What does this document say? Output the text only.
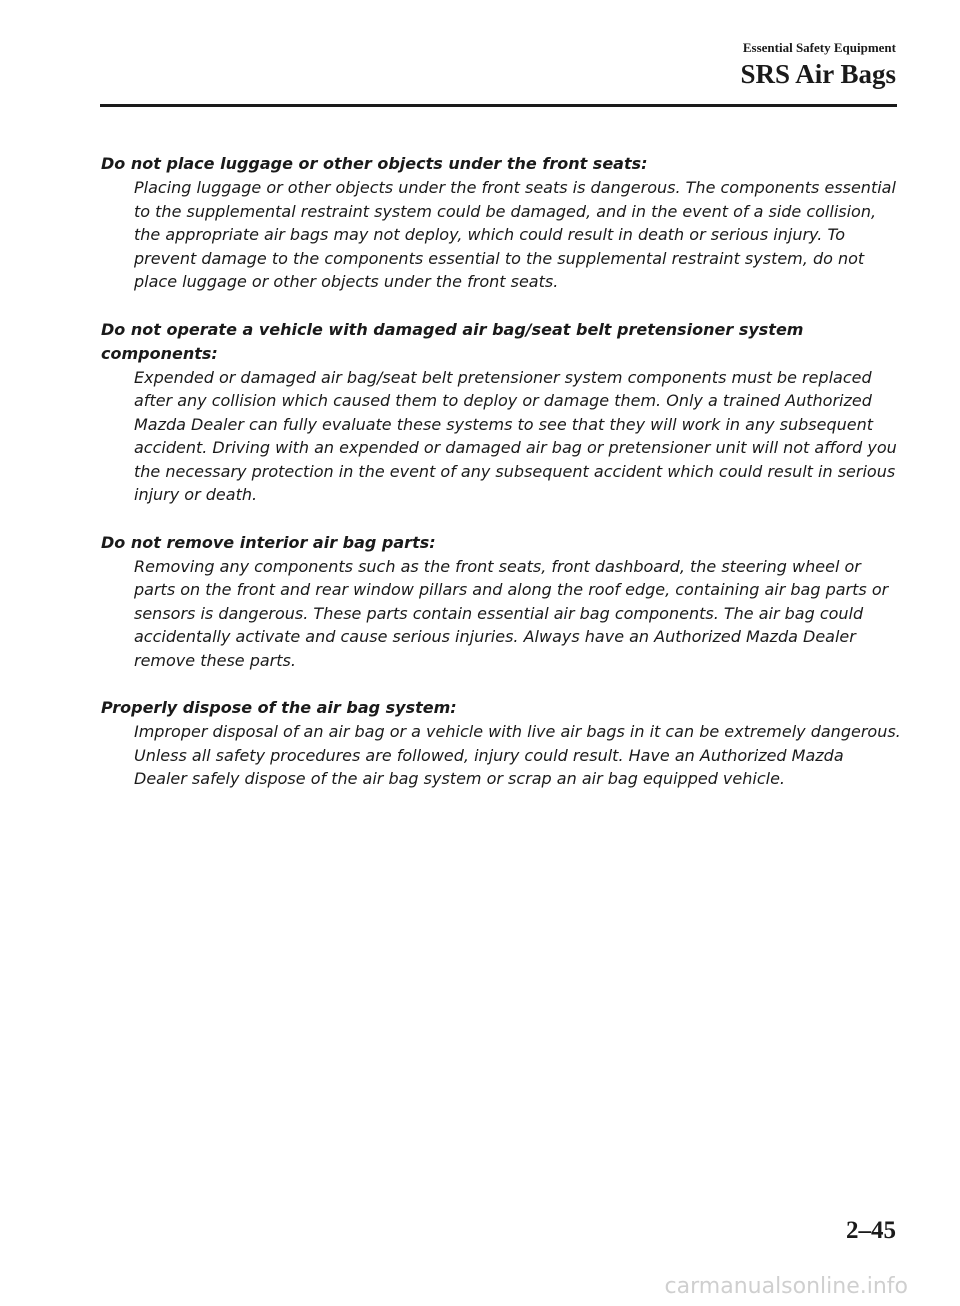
Essential Safety Equipment
SRS Air Bags

Do not place luggage or other objects under the front seats:

Placing luggage or other objects under the front seats is dangerous. The components essential to the supplemental restraint system could be damaged, and in the event of a side collision, the appropriate air bags may not deploy, which could result in death or serious injury. To prevent damage to the components essential to the supplemental restraint system, do not place luggage or other objects under the front seats.

Do not operate a vehicle with damaged air bag/seat belt pretensioner system components:

Expended or damaged air bag/seat belt pretensioner system components must be replaced after any collision which caused them to deploy or damage them. Only a trained Authorized Mazda Dealer can fully evaluate these systems to see that they will work in any subsequent accident. Driving with an expended or damaged air bag or pretensioner unit will not afford you the necessary protection in the event of any subsequent accident which could result in serious injury or death.

Do not remove interior air bag parts:

Removing any components such as the front seats, front dashboard, the steering wheel or parts on the front and rear window pillars and along the roof edge, containing air bag parts or sensors is dangerous. These parts contain essential air bag components. The air bag could accidentally activate and cause serious injuries. Always have an Authorized Mazda Dealer remove these parts.

Properly dispose of the air bag system:

Improper disposal of an air bag or a vehicle with live air bags in it can be extremely dangerous. Unless all safety procedures are followed, injury could result. Have an Authorized Mazda Dealer safely dispose of the air bag system or scrap an air bag equipped vehicle.

2–45
carmanualsonline.info
